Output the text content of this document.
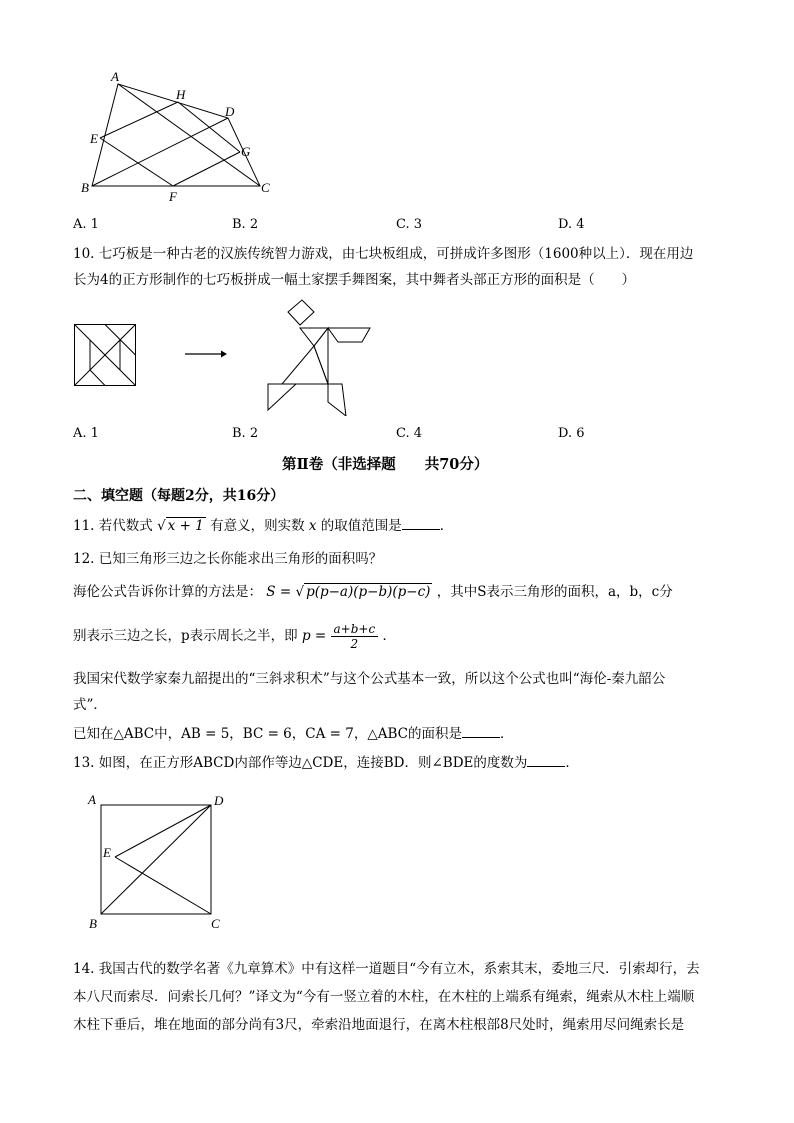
A
H
D
E
G
B
F
C
A. 1	B. 2	C. 3	D. 4
10. 七巧板是一种古老的汉族传统智力游戏，由七块板组成，可拼成许多图形（1600种以上）．现在用边
长为4的正方形制作的七巧板拼成一幅土家摆手舞图案，其中舞者头部正方形的面积是（　　）
A. 1	B. 2	C. 4	D. 6
第Ⅱ卷（非选择题　　共70分）
二、填空题（每题2分，共16分）
11. 若代数式 √ x + 1 有意义，则实数 x 的取值范围是	．
12. 已知三角形三边之长你能求出三角形的面积吗？
海伦公式告诉你计算的方法是： S = √ p(p−a)(p−b)(p−c) ，其中S表示三角形的面积，a，b，c分
别表示三边之长，p表示周长之半，即 $p = \frac{a+b+c}{2}$ ．
我国宋代数学家秦九韶提出的“三斜求积术”与这个公式基本一致，所以这个公式也叫“海伦-秦九韶公
式”．
已知在△ABC中，AB = 5，BC = 6，CA = 7，△ABC的面积是	．
13. 如图，在正方形ABCD内部作等边△CDE，连接BD．则∠BDE的度数为	．
A	D
E
B	C
14. 我国古代的数学名著《九章算术》中有这样一道题目“今有立木，系索其末，委地三尺．引索却行，去
本八尺而索尽．问索长几何？”译文为“今有一竖立着的木柱，在木柱的上端系有绳索，绳索从木柱上端顺
木柱下垂后，堆在地面的部分尚有3尺，牵索沿地面退行，在离木柱根部8尺处时，绳索用尽问绳索长是
